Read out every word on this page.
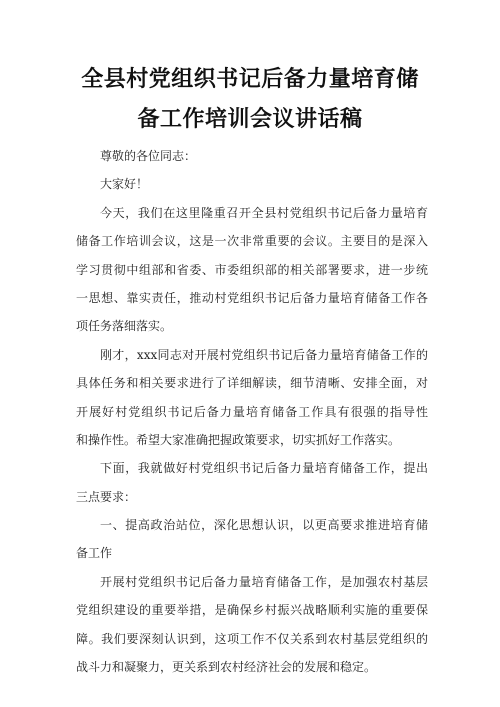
全县村党组织书记后备力量培育储
备工作培训会议讲话稿
尊敬的各位同志：
大家好！
今天，我们在这里隆重召开全县村党组织书记后备力量培育
储备工作培训会议，这是一次非常重要的会议。主要目的是深入
学习贯彻中组部和省委、市委组织部的相关部署要求，进一步统
一思想、靠实责任，推动村党组织书记后备力量培育储备工作各
项任务落细落实。
刚才，xxx同志对开展村党组织书记后备力量培育储备工作的
具体任务和相关要求进行了详细解读，细节清晰、安排全面，对
开展好村党组织书记后备力量培育储备工作具有很强的指导性
和操作性。希望大家准确把握政策要求，切实抓好工作落实。
下面，我就做好村党组织书记后备力量培育储备工作，提出
三点要求：
一、提高政治站位，深化思想认识，以更高要求推进培育储
备工作
开展村党组织书记后备力量培育储备工作，是加强农村基层
党组织建设的重要举措，是确保乡村振兴战略顺利实施的重要保
障。我们要深刻认识到，这项工作不仅关系到农村基层党组织的
战斗力和凝聚力，更关系到农村经济社会的发展和稳定。
